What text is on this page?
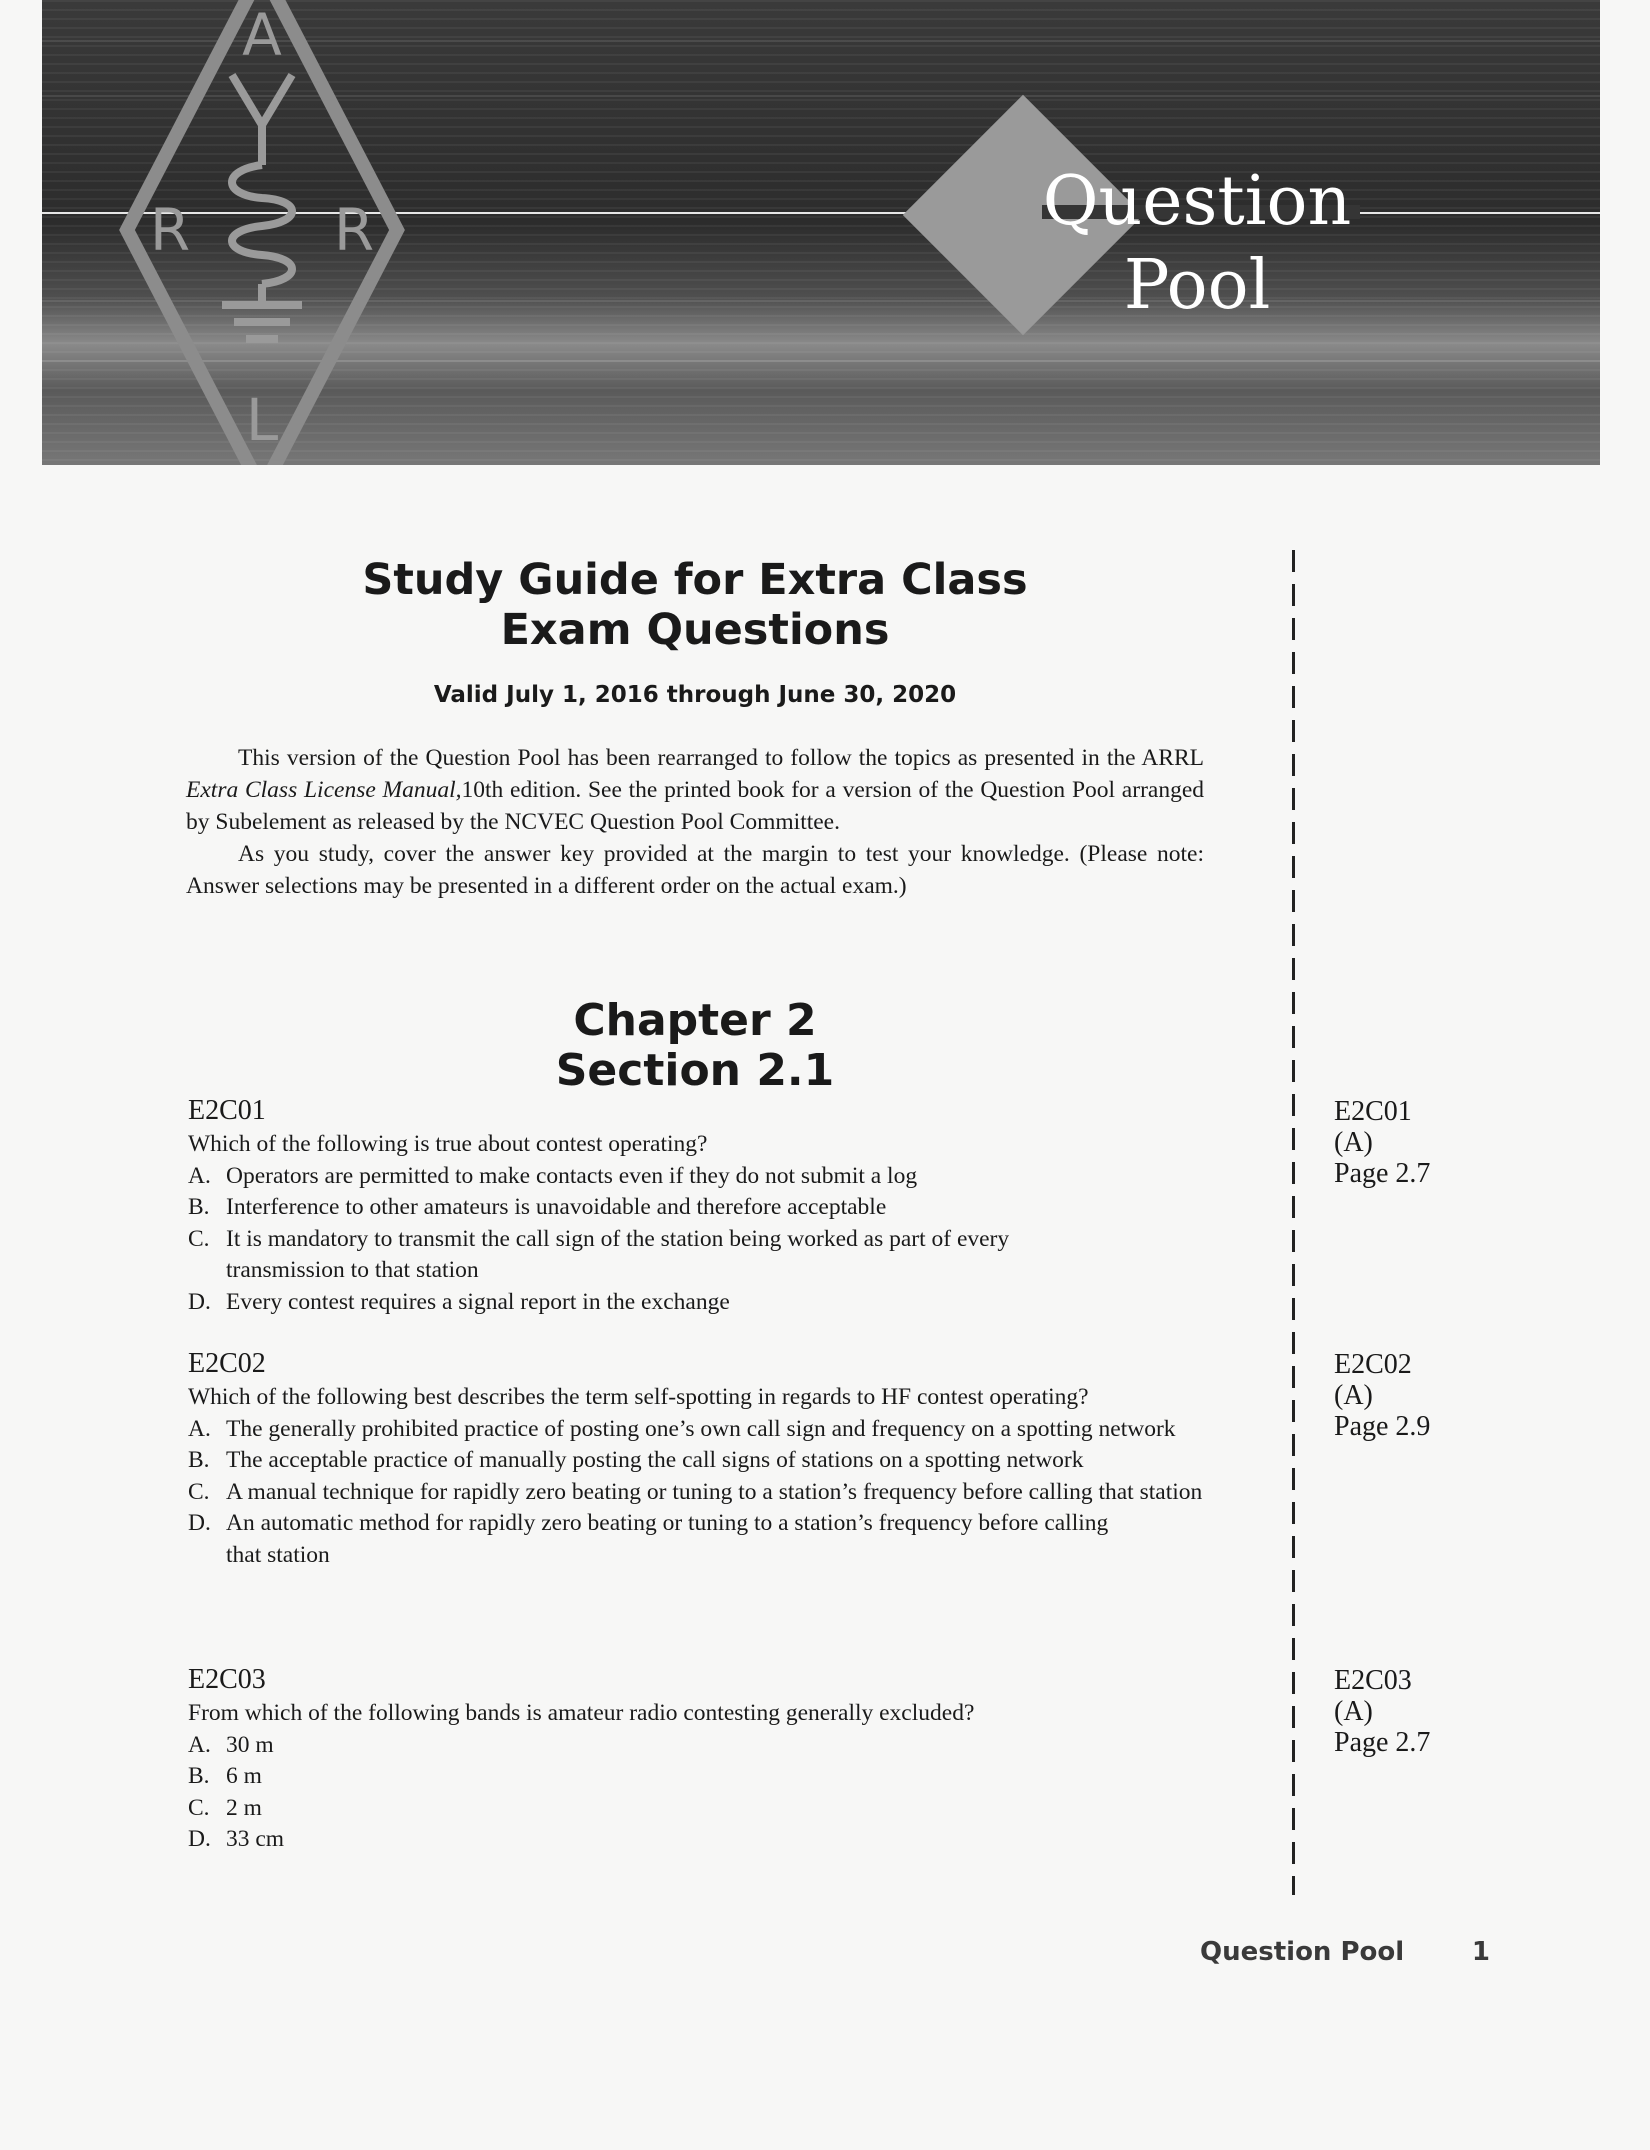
A
R R
L
Question
Pool
Study Guide for Extra Class
Exam Questions
Valid July 1, 2016 through June 30, 2020

This version of the Question Pool has been rearranged to follow the topics as presented in the ARRL Extra Class License Manual,10th edition. See the printed book for a version of the Question Pool arranged by Subelement as released by the NCVEC Question Pool Committee.

As you study, cover the answer key provided at the margin to test your knowledge. (Please note: Answer selections may be presented in a different order on the actual exam.)

Chapter 2
Section 2.1
E2C01
Which of the following is true about contest operating?
A. Operators are permitted to make contacts even if they do not submit a log
B. Interference to other amateurs is unavoidable and therefore acceptable
C. It is mandatory to transmit the call sign of the station being worked as part of every transmission to that station
D. Every contest requires a signal report in the exchange
E2C02
Which of the following best describes the term self-spotting in regards to HF contest operating?
A. The generally prohibited practice of posting one’s own call sign and frequency on a spotting network
B. The acceptable practice of manually posting the call signs of stations on a spotting network
C. A manual technique for rapidly zero beating or tuning to a station’s frequency before calling that station
D. An automatic method for rapidly zero beating or tuning to a station’s frequency before calling that station
E2C03
From which of the following bands is amateur radio contesting generally excluded?
A. 30 m
B. 6 m
C. 2 m
D. 33 cm
E2C01
(A)
Page 2.7
E2C02
(A)
Page 2.9
E2C03
(A)
Page 2.7
Question Pool	1
